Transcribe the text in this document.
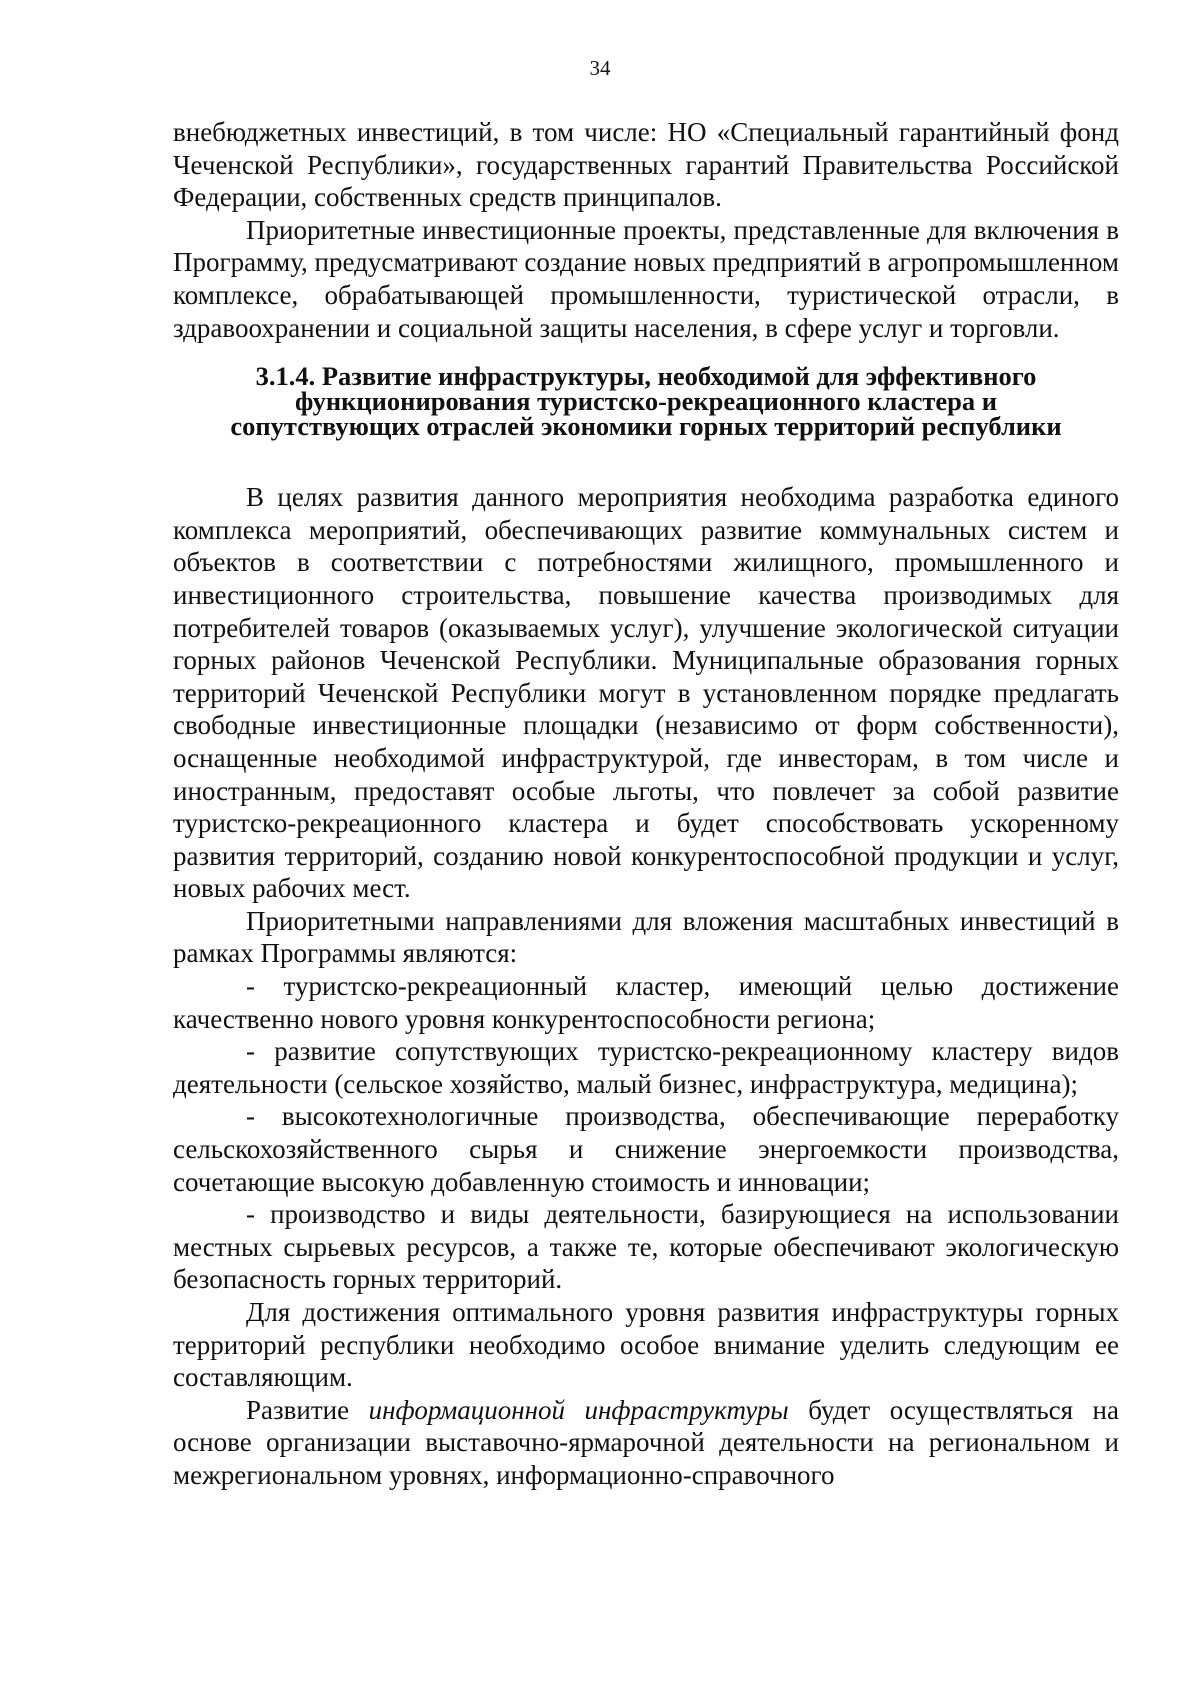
34

внебюджетных инвестиций, в том числе: НО «Специальный гарантийный фонд Чеченской Республики», государственных гарантий Правительства Российской Федерации, собственных средств принципалов.

Приоритетные инвестиционные проекты, представленные для включения в Программу, предусматривают создание новых предприятий в агропромышленном комплексе, обрабатывающей промышленности, туристической отрасли, в здравоохранении и социальной защиты населения, в сфере услуг и торговли.

3.1.4. Развитие инфраструктуры, необходимой для эффективного
функционирования туристско-рекреационного кластера и
сопутствующих отраслей экономики горных территорий республики

В целях развития данного мероприятия необходима разработка единого комплекса мероприятий, обеспечивающих развитие коммунальных систем и объектов в соответствии с потребностями жилищного, промышленного и инвестиционного строительства, повышение качества производимых для потребителей товаров (оказываемых услуг), улучшение экологической ситуации горных районов Чеченской Республики. Муниципальные образования горных территорий Чеченской Республики могут в установленном порядке предлагать свободные инвестиционные площадки (независимо от форм собственности), оснащенные необходимой инфраструктурой, где инвесторам, в том числе и иностранным, предоставят особые льготы, что повлечет за собой развитие туристско-рекреационного кластера и будет способствовать ускоренному развития территорий, созданию новой конкурентоспособной продукции и услуг, новых рабочих мест.

Приоритетными направлениями для вложения масштабных инвестиций в рамках Программы являются:

- туристско-рекреационный кластер, имеющий целью достижение качественно нового уровня конкурентоспособности региона;

- развитие сопутствующих туристско-рекреационному кластеру видов деятельности (сельское хозяйство, малый бизнес, инфраструктура, медицина);

- высокотехнологичные производства, обеспечивающие переработку сельскохозяйственного сырья и снижение энергоемкости производства, сочетающие высокую добавленную стоимость и инновации;

- производство и виды деятельности, базирующиеся на использовании местных сырьевых ресурсов, а также те, которые обеспечивают экологическую безопасность горных территорий.

Для достижения оптимального уровня развития инфраструктуры горных территорий республики необходимо особое внимание уделить следующим ее составляющим.

Развитие информационной инфраструктуры будет осуществляться на основе организации выставочно-ярмарочной деятельности на региональном и межрегиональном уровнях, информационно-справочного
